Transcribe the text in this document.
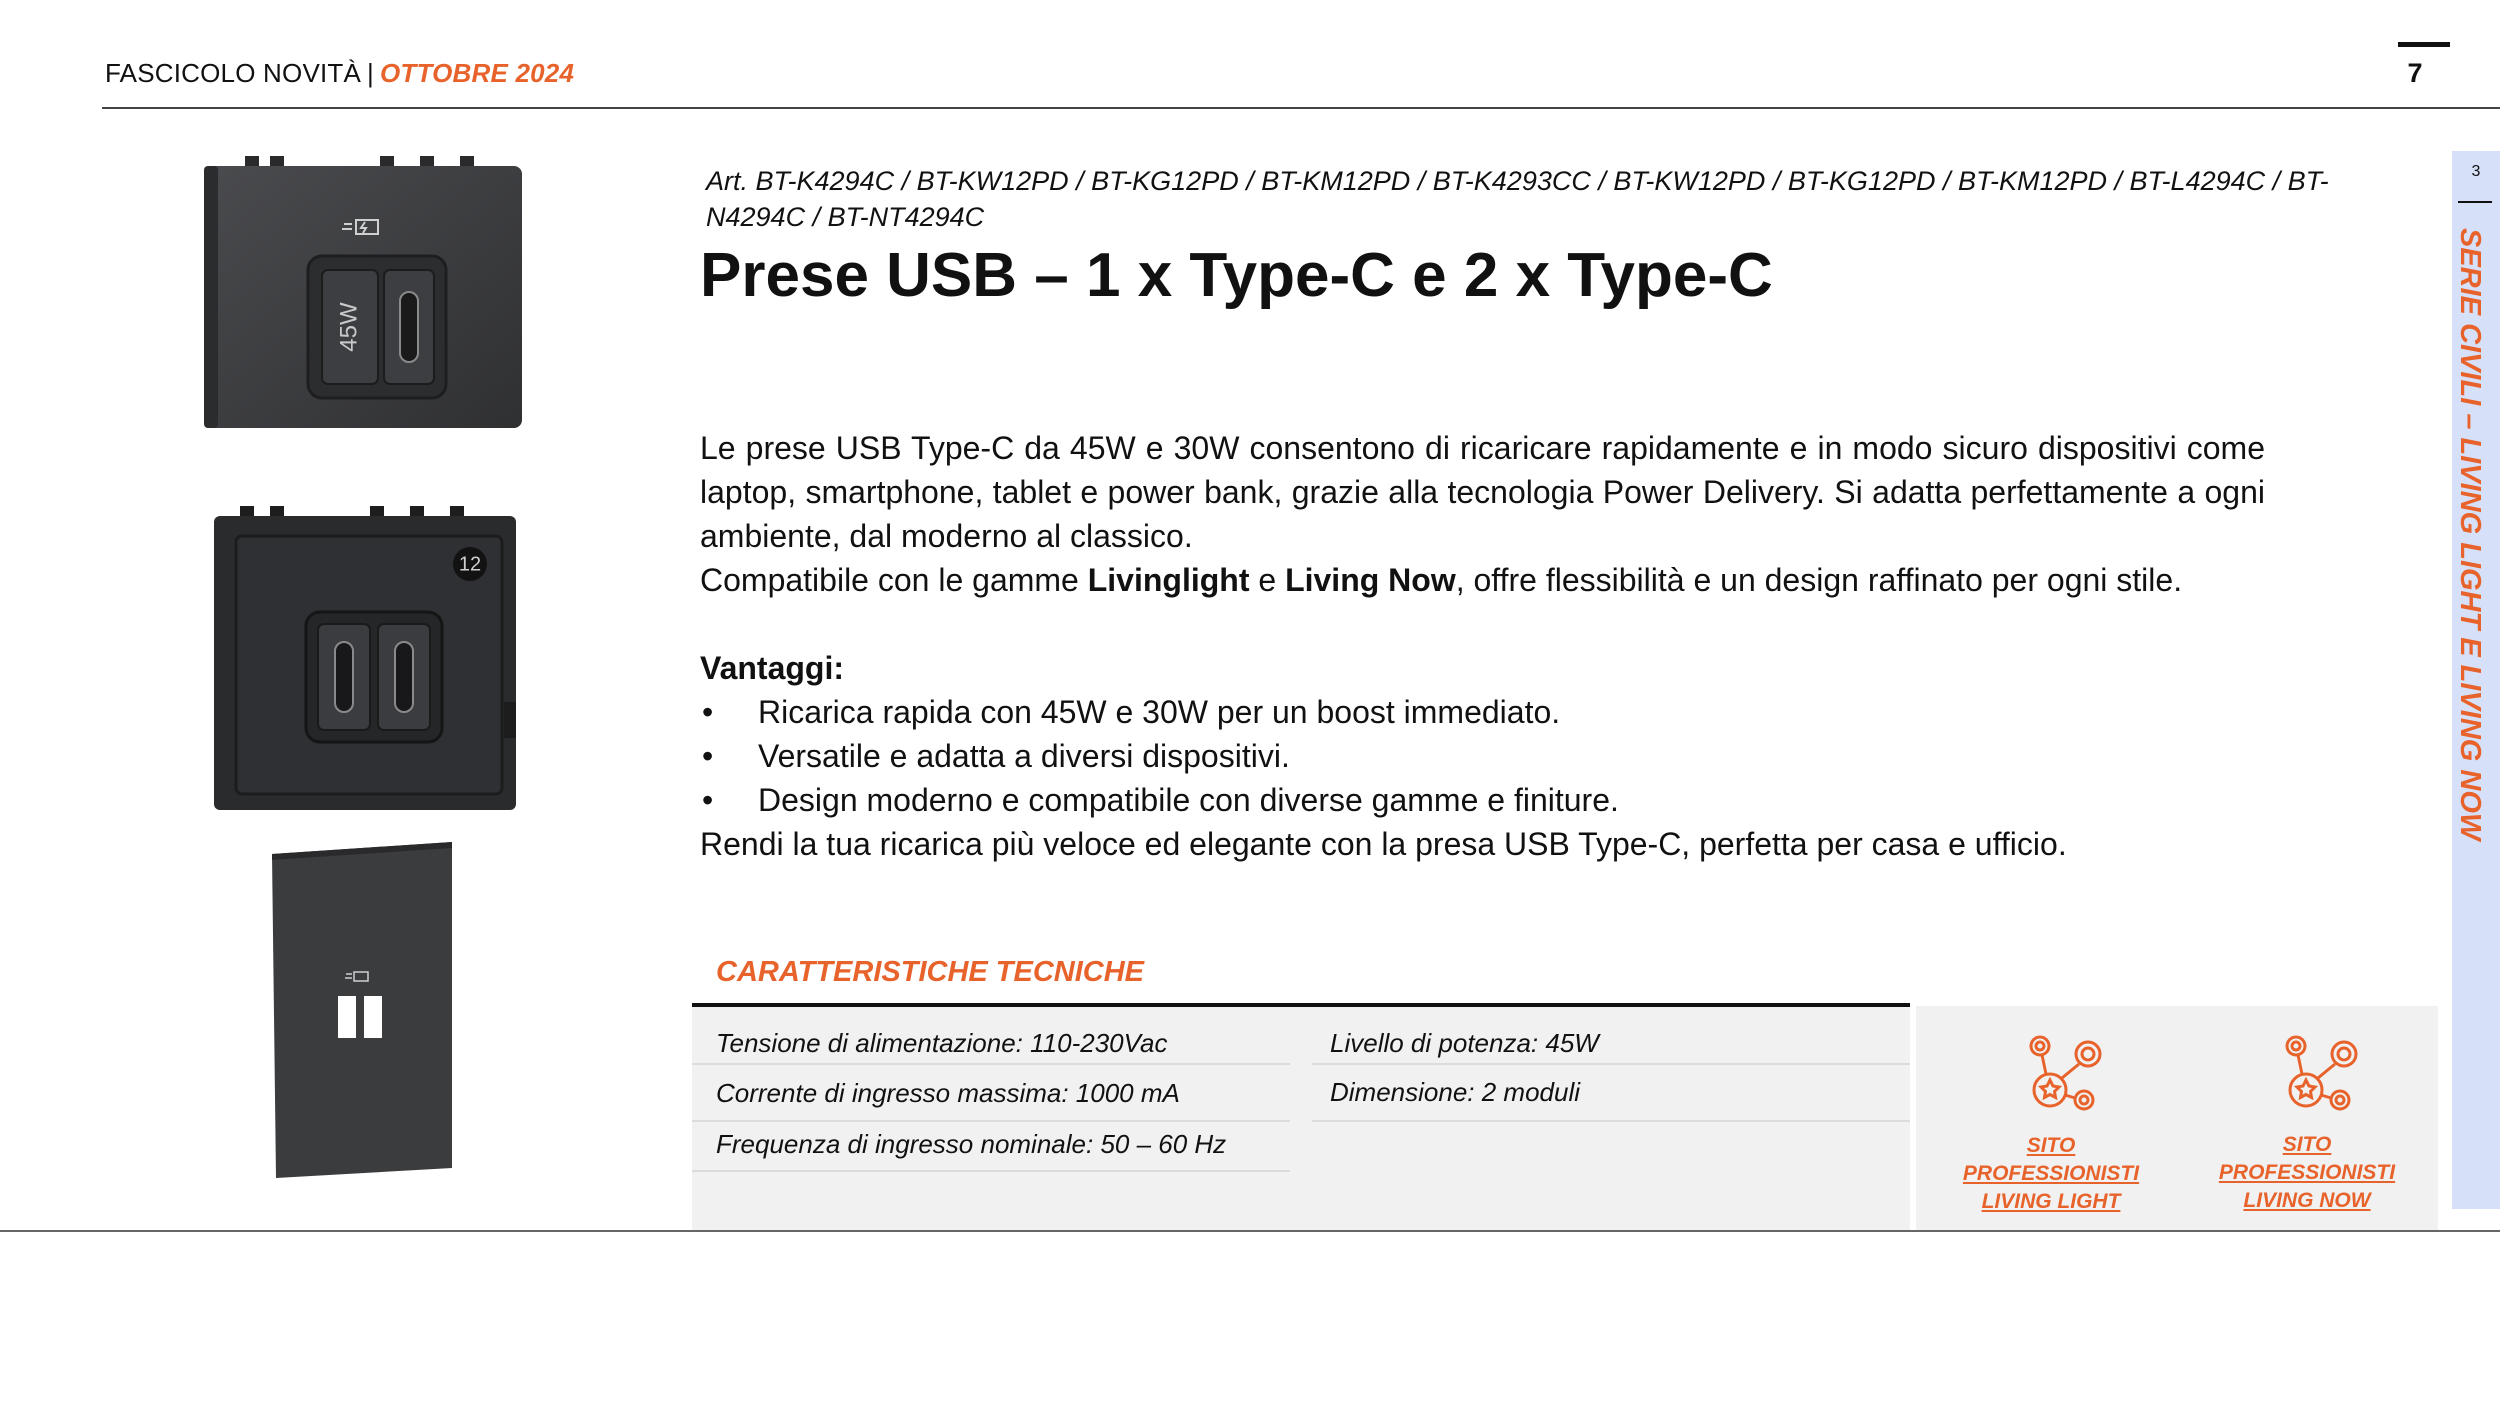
FASCICOLO NOVITÀ | OTTOBRE 2024	7
3
SERIE CIVILI – LIVING LIGHT E LIVING NOW
45W
12
Art. BT-K4294C / BT-KW12PD / BT-KG12PD / BT-KM12PD / BT-K4293CC / BT-KW12PD / BT-KG12PD / BT-KM12PD / BT-L4294C / BT-N4294C / BT-NT4294C
Prese USB – 1 x Type-C e 2 x Type-C

Le prese USB Type-C da 45W e 30W consentono di ricaricare rapidamente e in modo sicuro dispositivi come laptop, smartphone, tablet e power bank, grazie alla tecnologia Power Delivery. Si adatta perfettamente a ogni ambiente, dal moderno al classico.

Compatibile con le gamme Livinglight e Living Now, offre flessibilità e un design raffinato per ogni stile.

Vantaggi:

• Ricarica rapida con 45W e 30W per un boost immediato.

• Versatile e adatta a diversi dispositivi.

• Design moderno e compatibile con diverse gamme e finiture.

Rendi la tua ricarica più veloce ed elegante con la presa USB Type-C, perfetta per casa e ufficio.

CARATTERISTICHE TECNICHE
Tensione di alimentazione: 110-230Vac
Corrente di ingresso massima: 1000 mA
Frequenza di ingresso nominale: 50 – 60 Hz
Livello di potenza: 45W
Dimensione: 2 moduli
SITO
PROFESSIONISTI
LIVING LIGHT
SITO
PROFESSIONISTI
LIVING NOW
